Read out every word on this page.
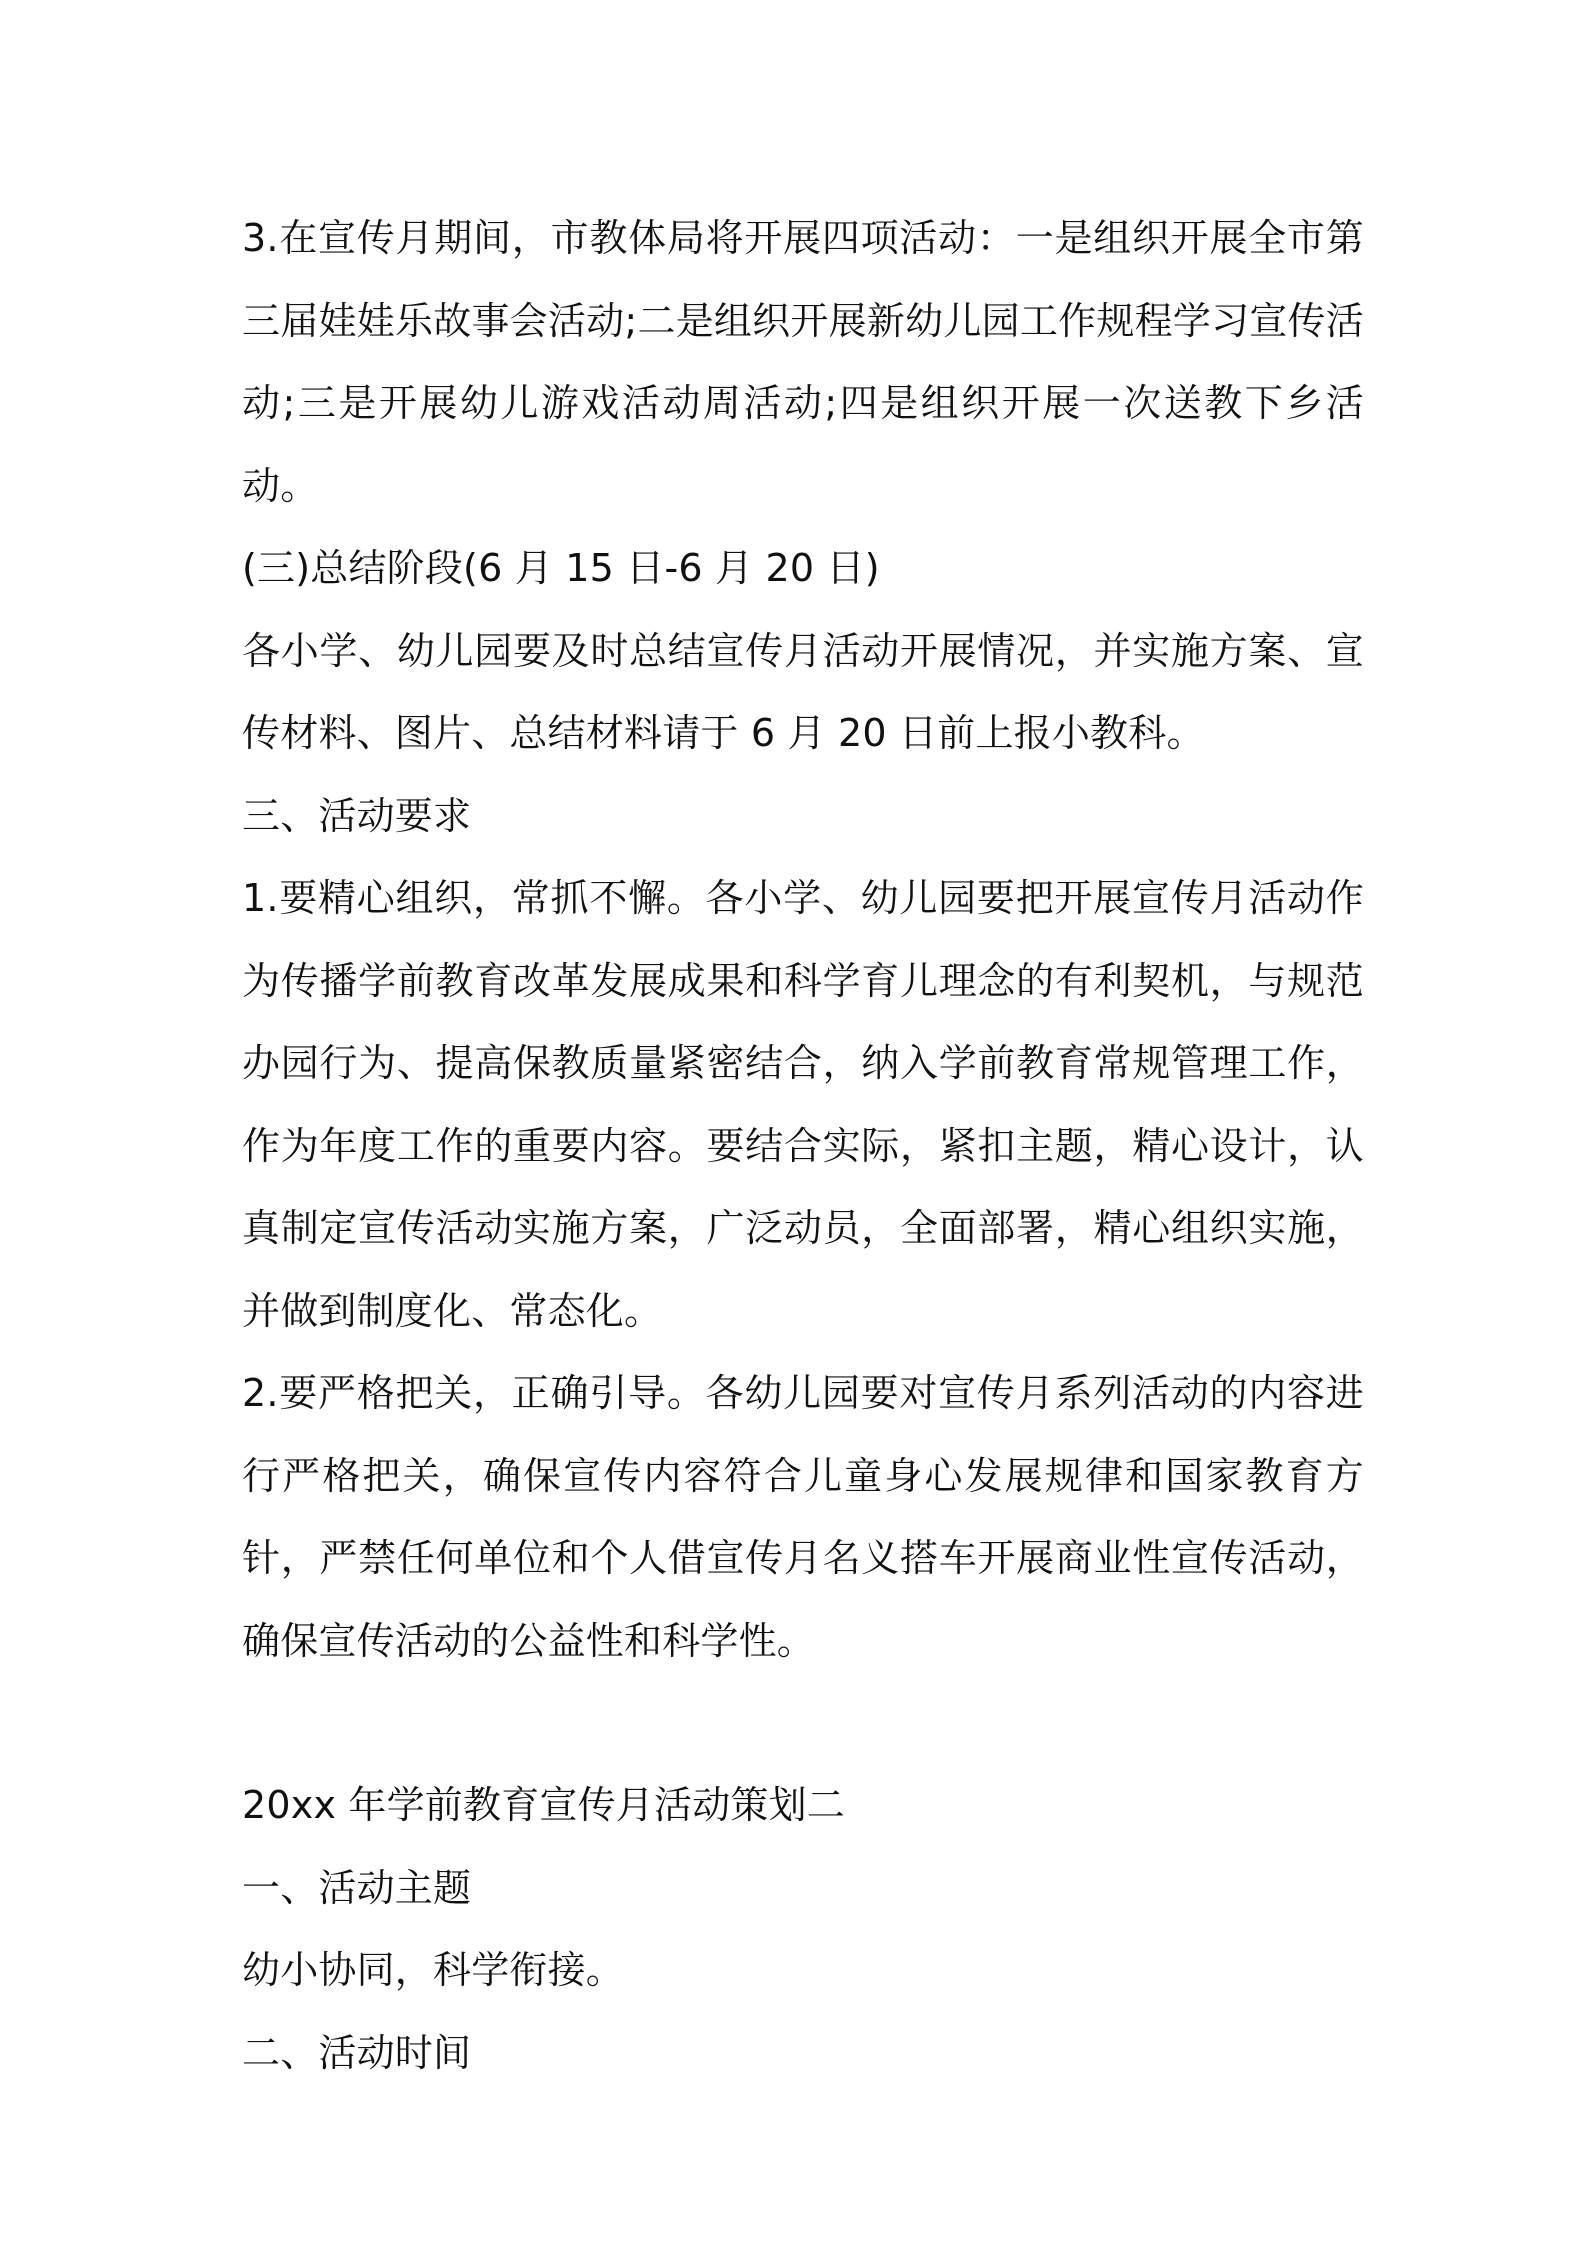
3.在宣传月期间，市教体局将开展四项活动：一是组织开展全市第三届娃娃乐故事会活动;二是组织开展新幼儿园工作规程学习宣传活动;三是开展幼儿游戏活动周活动;四是组织开展一次送教下乡活动。

(三)总结阶段(6 月 15 日-6 月 20 日)

各小学、幼儿园要及时总结宣传月活动开展情况，并实施方案、宣传材料、图片、总结材料请于 6 月 20 日前上报小教科。

三、活动要求

1.要精心组织，常抓不懈。各小学、幼儿园要把开展宣传月活动作为传播学前教育改革发展成果和科学育儿理念的有利契机，与规范办园行为、提高保教质量紧密结合，纳入学前教育常规管理工作，作为年度工作的重要内容。要结合实际，紧扣主题，精心设计，认真制定宣传活动实施方案，广泛动员，全面部署，精心组织实施，并做到制度化、常态化。

2.要严格把关，正确引导。各幼儿园要对宣传月系列活动的内容进行严格把关，确保宣传内容符合儿童身心发展规律和国家教育方针，严禁任何单位和个人借宣传月名义搭车开展商业性宣传活动，确保宣传活动的公益性和科学性。

20xx 年学前教育宣传月活动策划二

一、活动主题

幼小协同，科学衔接。

二、活动时间
